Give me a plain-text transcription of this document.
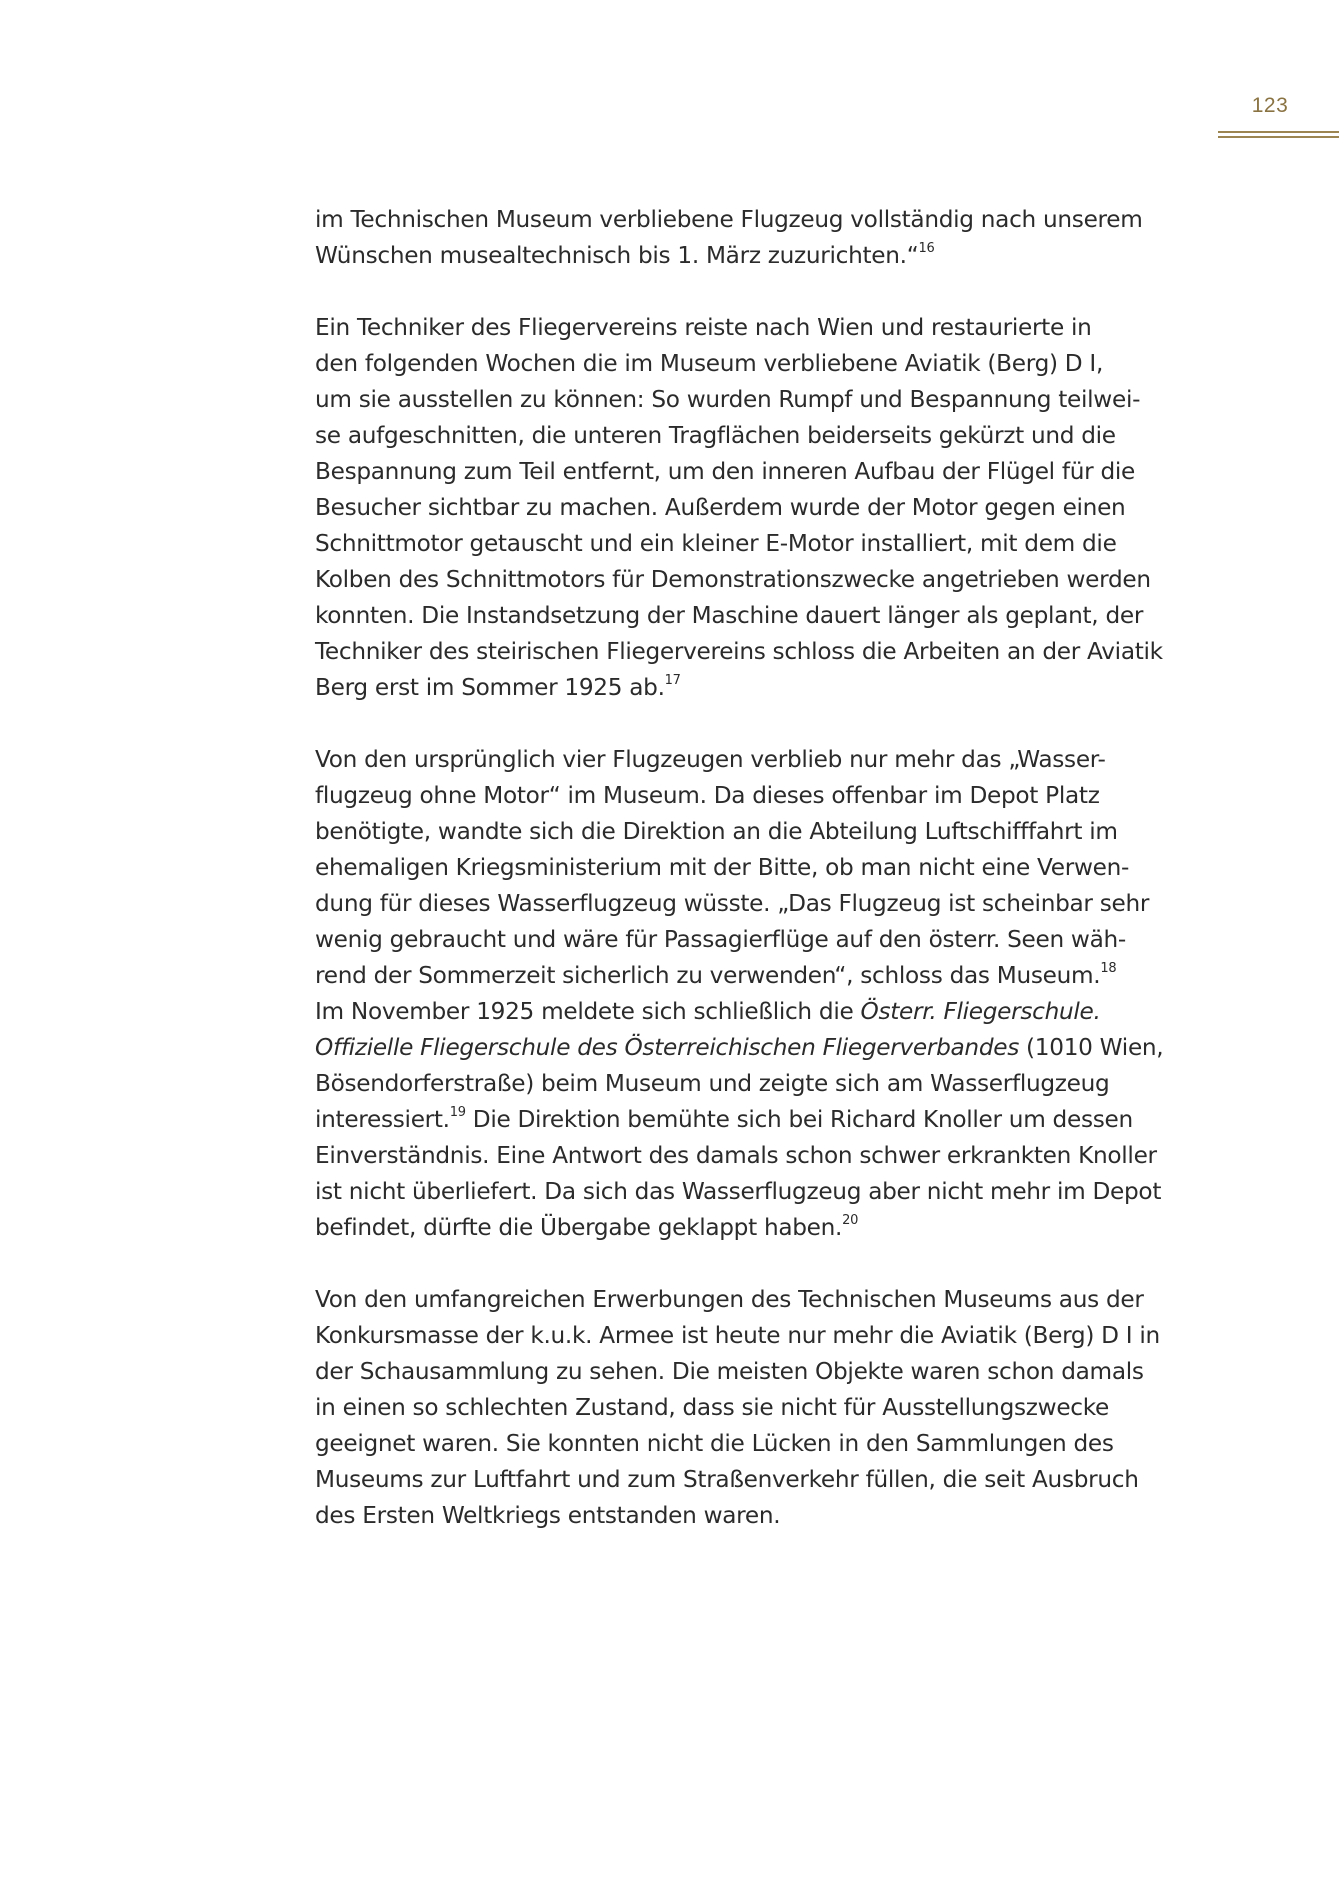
123

im Technischen Museum verbliebene Flugzeug vollständig nach unserem
Wünschen musealtechnisch bis 1. März zuzurichten.“$^{16}$

Ein Techniker des Fliegervereins reiste nach Wien und restaurierte in
den folgenden Wochen die im Museum verbliebene Aviatik (Berg) D I,
um sie ausstellen zu können: So wurden Rumpf und Bespannung teilwei-
se aufgeschnitten, die unteren Tragflächen beiderseits gekürzt und die
Bespannung zum Teil entfernt, um den inneren Aufbau der Flügel für die
Besucher sichtbar zu machen. Außerdem wurde der Motor gegen einen
Schnittmotor getauscht und ein kleiner E-Motor installiert, mit dem die
Kolben des Schnittmotors für Demonstrationszwecke angetrieben werden
konnten. Die Instandsetzung der Maschine dauert länger als geplant, der
Techniker des steirischen Fliegervereins schloss die Arbeiten an der Aviatik
Berg erst im Sommer 1925 ab.$^{17}$

Von den ursprünglich vier Flugzeugen verblieb nur mehr das „Wasser-
flugzeug ohne Motor“ im Museum. Da dieses offenbar im Depot Platz
benötigte, wandte sich die Direktion an die Abteilung Luftschifffahrt im
ehemaligen Kriegsministerium mit der Bitte, ob man nicht eine Verwen-
dung für dieses Wasserflugzeug wüsste. „Das Flugzeug ist scheinbar sehr
wenig gebraucht und wäre für Passagierflüge auf den österr. Seen wäh-
rend der Sommerzeit sicherlich zu verwenden“, schloss das Museum.$^{18}$
Im November 1925 meldete sich schließlich die Österr. Fliegerschule.
Offizielle Fliegerschule des Österreichischen Fliegerverbandes (1010 Wien,
Bösendorferstraße) beim Museum und zeigte sich am Wasserflugzeug
interessiert.$^{19}$ Die Direktion bemühte sich bei Richard Knoller um dessen
Einverständnis. Eine Antwort des damals schon schwer erkrankten Knoller
ist nicht überliefert. Da sich das Wasserflugzeug aber nicht mehr im Depot
befindet, dürfte die Übergabe geklappt haben.$^{20}$

Von den umfangreichen Erwerbungen des Technischen Museums aus der
Konkursmasse der k.u.k. Armee ist heute nur mehr die Aviatik (Berg) D I in
der Schausammlung zu sehen. Die meisten Objekte waren schon damals
in einen so schlechten Zustand, dass sie nicht für Ausstellungszwecke
geeignet waren. Sie konnten nicht die Lücken in den Sammlungen des
Museums zur Luftfahrt und zum Straßenverkehr füllen, die seit Ausbruch
des Ersten Weltkriegs entstanden waren.
